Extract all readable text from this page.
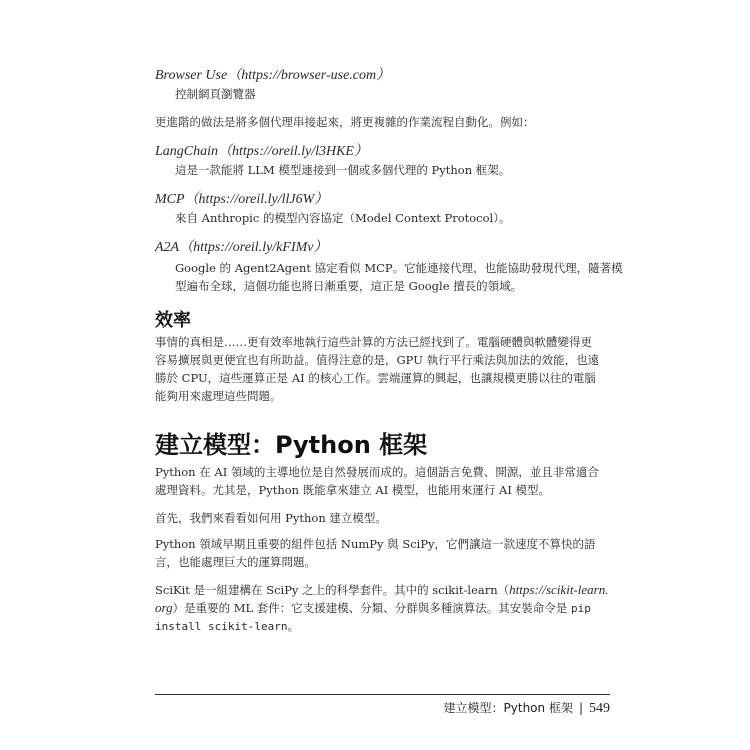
Browser Use（https://browser-use.com）
控制網頁瀏覽器
更進階的做法是將多個代理串接起來，將更複雜的作業流程自動化。例如：
LangChain（https://oreil.ly/l3HKE）
這是一款能將 LLM 模型連接到一個或多個代理的 Python 框架。
MCP（https://oreil.ly/llJ6W）
來自 Anthropic 的模型內容協定（Model Context Protocol）。
A2A（https://oreil.ly/kFIMv）
Google 的 Agent2Agent 協定看似 MCP。它能連接代理，也能協助發現代理，隨著模
型遍布全球，這個功能也將日漸重要，這正是 Google 擅長的領域。
效率
事情的真相是……更有效率地執行這些計算的方法已經找到了。電腦硬體與軟體變得更
容易擴展與更便宜也有所助益。值得注意的是，GPU 執行平行乘法與加法的效能，也遠
勝於 CPU，這些運算正是 AI 的核心工作。雲端運算的興起，也讓規模更勝以往的電腦
能夠用來處理這些問題。
建立模型：Python 框架
Python 在 AI 領域的主導地位是自然發展而成的。這個語言免費、開源，並且非常適合
處理資料。尤其是，Python 既能拿來建立 AI 模型，也能用來運行 AI 模型。
首先，我們來看看如何用 Python 建立模型。
Python 領域早期且重要的組件包括 NumPy 與 SciPy，它們讓這一款速度不算快的語
言，也能處理巨大的運算問題。
SciKit 是一組建構在 SciPy 之上的科學套件。其中的 scikit-learn（https://scikit-learn.
org）是重要的 ML 套件：它支援建模、分類、分群與多種演算法。其安裝命令是 pip
install scikit-learn。
建立模型：Python 框架 | 549
